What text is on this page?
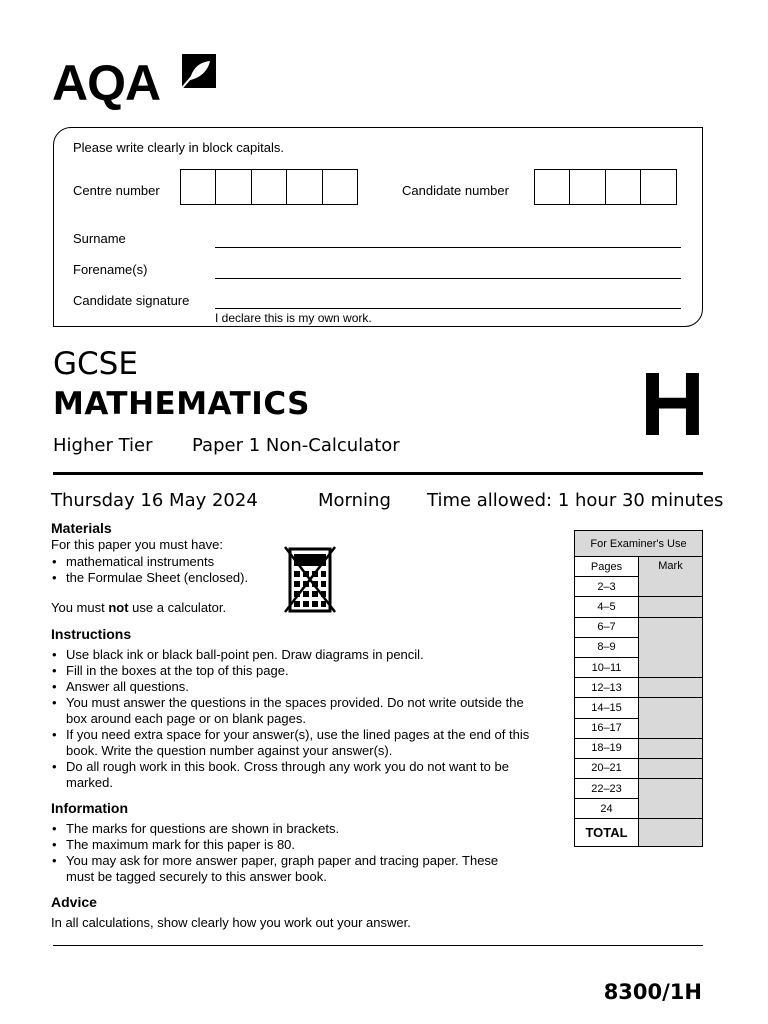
AQA
Please write clearly in block capitals.
Centre number	Candidate number
Surname
Forename(s)
Candidate signature
I declare this is my own work.
GCSE
MATHEMATICS
Higher Tier Paper 1 Non-Calculator	H
Thursday 16 May 2024	Morning Time allowed: 1 hour 30 minutes
Materials
For this paper you must have:
• mathematical instruments
• the Formulae Sheet (enclosed).
You must not use a calculator.
Instructions
• Use black ink or black ball-point pen. Draw diagrams in pencil.
• Fill in the boxes at the top of this page.
• Answer all questions.
• You must answer the questions in the spaces provided. Do not write outside the box around each page or on blank pages.
• If you need extra space for your answer(s), use the lined pages at the end of this book. Write the question number against your answer(s).
• Do all rough work in this book. Cross through any work you do not want to be marked.
Information
• The marks for questions are shown in brackets.
• The maximum mark for this paper is 80.
• You may ask for more answer paper, graph paper and tracing paper. These must be tagged securely to this answer book.
Advice
In all calculations, show clearly how you work out your answer.
For Examiner's Use	
Pages	Mark
2–3	
4–5	
6–7	
8–9	
10–11	
12–13	
14–15	
16–17	
18–19	
20–21	
22–23	
24	
TOTAL	
8300/1H
